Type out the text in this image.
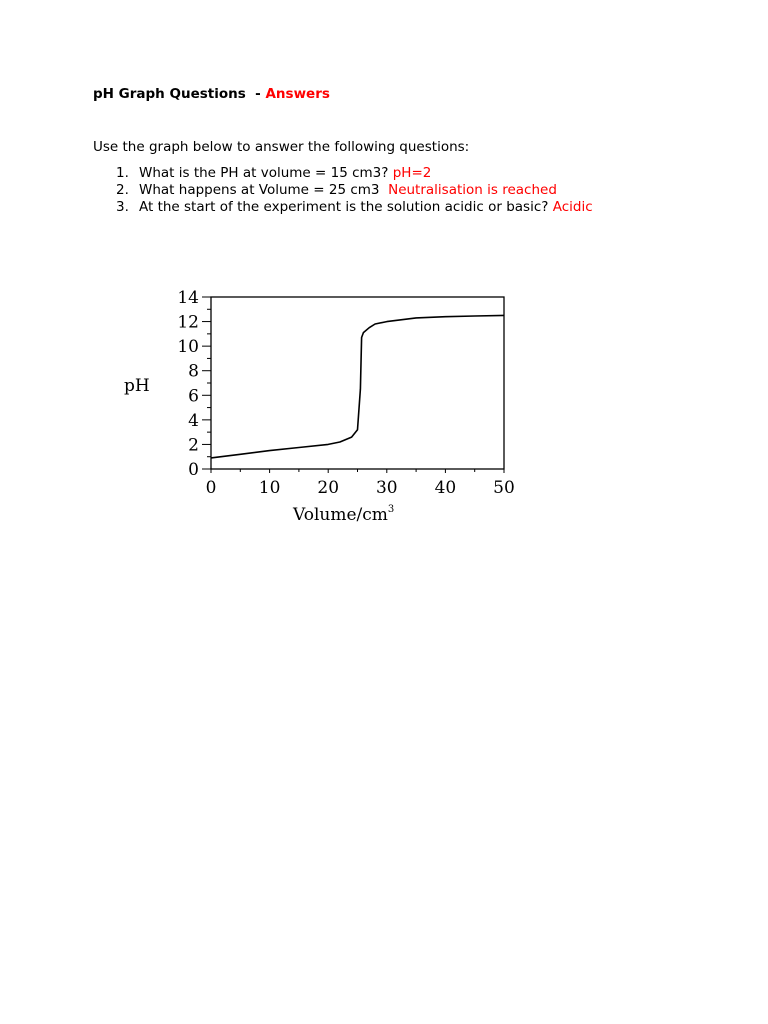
pH Graph Questions  - Answers
Use the graph below to answer the following questions:
1. What is the PH at volume = 15 cm3? pH=2
2. What happens at Volume = 25 cm3  Neutralisation is reached
3. At the start of the experiment is the solution acidic or basic? Acidic
pH
Volume/$cm^3$
0
2
4
6
8
10
12
14
0 10 20 30 40 50
